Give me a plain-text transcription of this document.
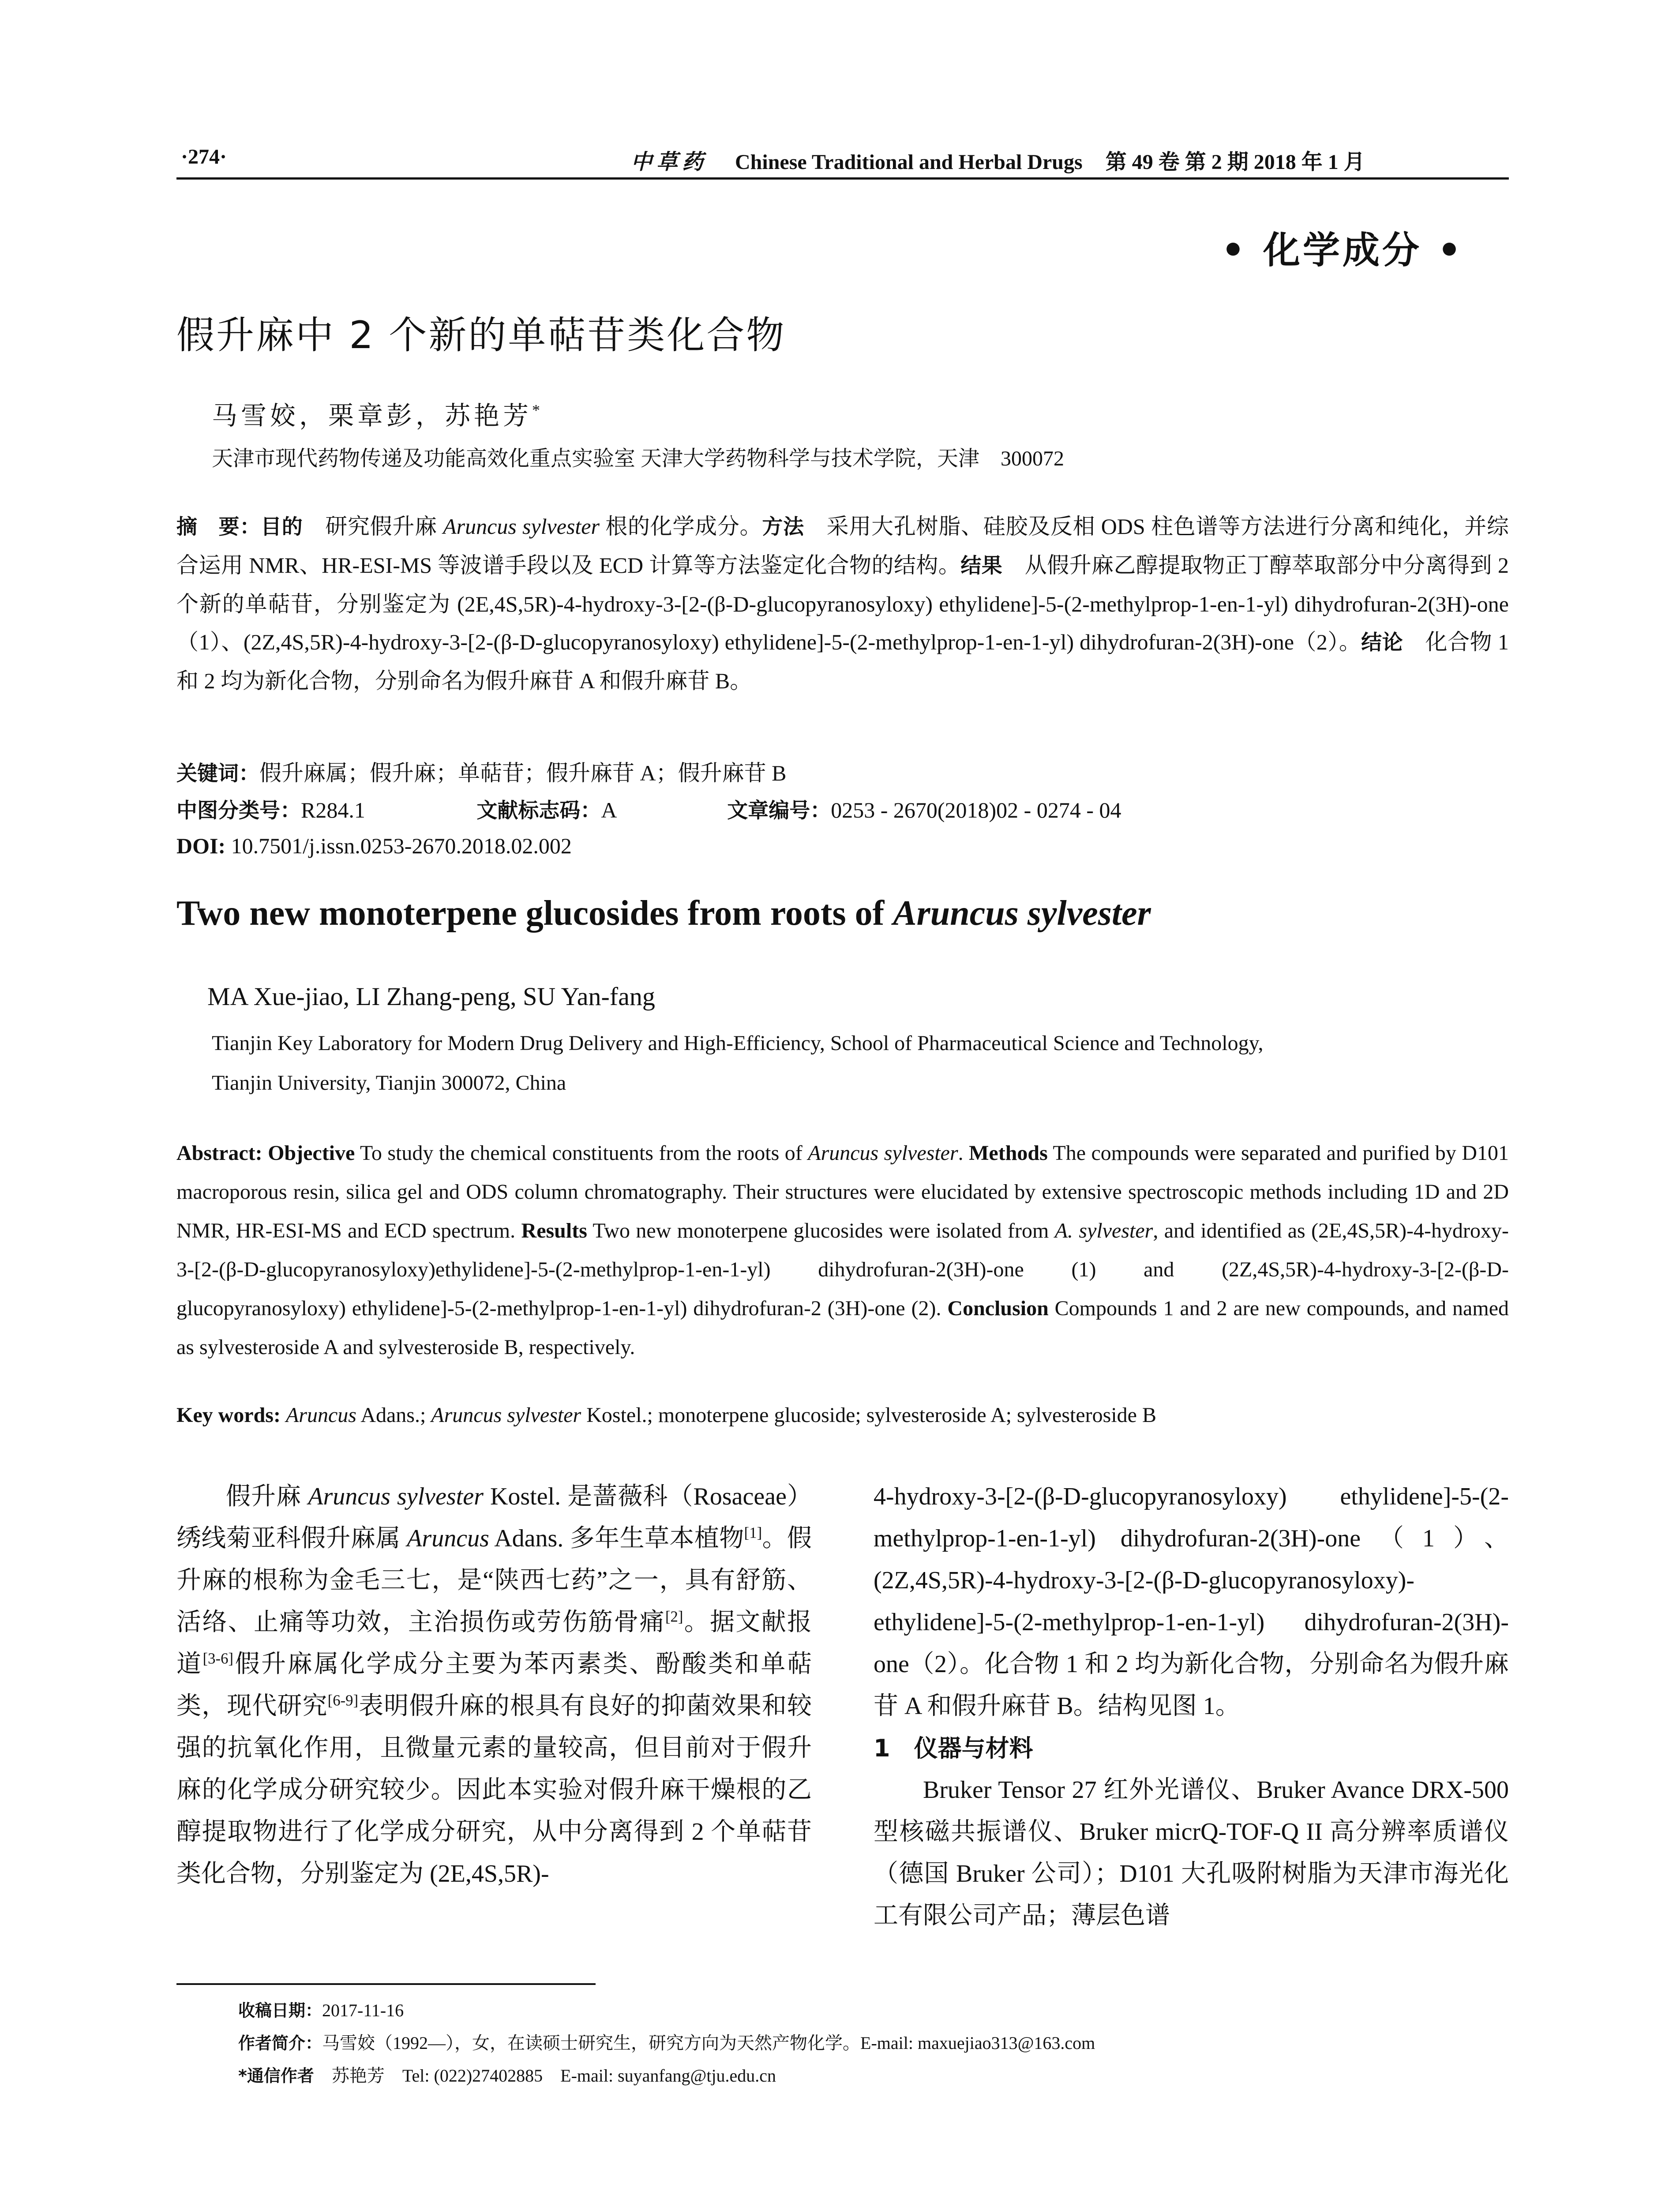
·274·	中草药 Chinese Traditional and Herbal Drugs 第 49 卷 第 2 期 2018 年 1 月
• 化学成分 •
假升麻中 2 个新的单萜苷类化合物
马雪姣，栗章彭，苏艳芳*
天津市现代药物传递及功能高效化重点实验室 天津大学药物科学与技术学院，天津　300072
摘　要：目的　研究假升麻 Aruncus sylvester 根的化学成分。方法　采用大孔树脂、硅胶及反相 ODS 柱色谱等方法进行分离和纯化，并综合运用 NMR、HR-ESI-MS 等波谱手段以及 ECD 计算等方法鉴定化合物的结构。结果　从假升麻乙醇提取物正丁醇萃取部分中分离得到 2 个新的单萜苷，分别鉴定为 (2E,4S,5R)-4-hydroxy-3-[2-(β-D-glucopyranosyloxy) ethylidene]-5-(2-methylprop-1-en-1-yl) dihydrofuran-2(3H)-one（1）、(2Z,4S,5R)-4-hydroxy-3-[2-(β-D-glucopyranosyloxy) ethylidene]-5-(2-methylprop-1-en-1-yl) dihydrofuran-2(3H)-one（2）。结论　化合物 1 和 2 均为新化合物，分别命名为假升麻苷 A 和假升麻苷 B。
关键词：假升麻属；假升麻；单萜苷；假升麻苷 A；假升麻苷 B
中图分类号：R284.1	文献标志码：A	文章编号：0253 - 2670(2018)02 - 0274 - 04
DOI: 10.7501/j.issn.0253-2670.2018.02.002
Two new monoterpene glucosides from roots of Aruncus sylvester
MA Xue-jiao, LI Zhang-peng, SU Yan-fang
Tianjin Key Laboratory for Modern Drug Delivery and High-Efficiency, School of Pharmaceutical Science and Technology,
Tianjin University, Tianjin 300072, China
Abstract: Objective To study the chemical constituents from the roots of Aruncus sylvester. Methods The compounds were separated and purified by D101 macroporous resin, silica gel and ODS column chromatography. Their structures were elucidated by extensive spectroscopic methods including 1D and 2D NMR, HR-ESI-MS and ECD spectrum. Results Two new monoterpene glucosides were isolated from A. sylvester, and identified as (2E,4S,5R)-4-hydroxy-3-[2-(β-D-glucopyranosyloxy)ethylidene]-5-(2-methylprop-1-en-1-yl) dihydrofuran-2(3H)-one (1) and (2Z,4S,5R)-4-hydroxy-3-[2-(β-D-glucopyranosyloxy) ethylidene]-5-(2-methylprop-1-en-1-yl) dihydrofuran-2 (3H)-one (2). Conclusion Compounds 1 and 2 are new compounds, and named as sylvesteroside A and sylvesteroside B, respectively.
Key words: Aruncus Adans.; Aruncus sylvester Kostel.; monoterpene glucoside; sylvesteroside A; sylvesteroside B
假升麻 Aruncus sylvester Kostel. 是蔷薇科（Rosaceae）绣线菊亚科假升麻属 Aruncus Adans. 多年生草本植物[1]。假升麻的根称为金毛三七，是“陕西七药”之一，具有舒筋、活络、止痛等功效，主治损伤或劳伤筋骨痛[2]。据文献报道[3-6]假升麻属化学成分主要为苯丙素类、酚酸类和单萜类，现代研究[6-9]表明假升麻的根具有良好的抑菌效果和较强的抗氧化作用，且微量元素的量较高，但目前对于假升麻的化学成分研究较少。因此本实验对假升麻干燥根的乙醇提取物进行了化学成分研究，从中分离得到 2 个单萜苷类化合物，分别鉴定为 (2E,4S,5R)-
4-hydroxy-3-[2-(β-D-glucopyranosyloxy) ethylidene]-5-(2-methylprop-1-en-1-yl) dihydrofuran-2(3H)-one（1）、(2Z,4S,5R)-4-hydroxy-3-[2-(β-D-glucopyranosyloxy)-ethylidene]-5-(2-methylprop-1-en-1-yl) dihydrofuran-2(3H)-one（2）。化合物 1 和 2 均为新化合物，分别命名为假升麻苷 A 和假升麻苷 B。结构见图 1。
1　仪器与材料
Bruker Tensor 27 红外光谱仪、Bruker Avance DRX-500 型核磁共振谱仪、Bruker micrQ-TOF-Q II 高分辨率质谱仪（德国 Bruker 公司）；D101 大孔吸附树脂为天津市海光化工有限公司产品；薄层色谱
收稿日期：2017-11-16
作者简介：马雪姣（1992—），女，在读硕士研究生，研究方向为天然产物化学。E-mail: maxuejiao313@163.com
*通信作者　苏艳芳　Tel: (022)27402885　E-mail: suyanfang@tju.edu.cn
